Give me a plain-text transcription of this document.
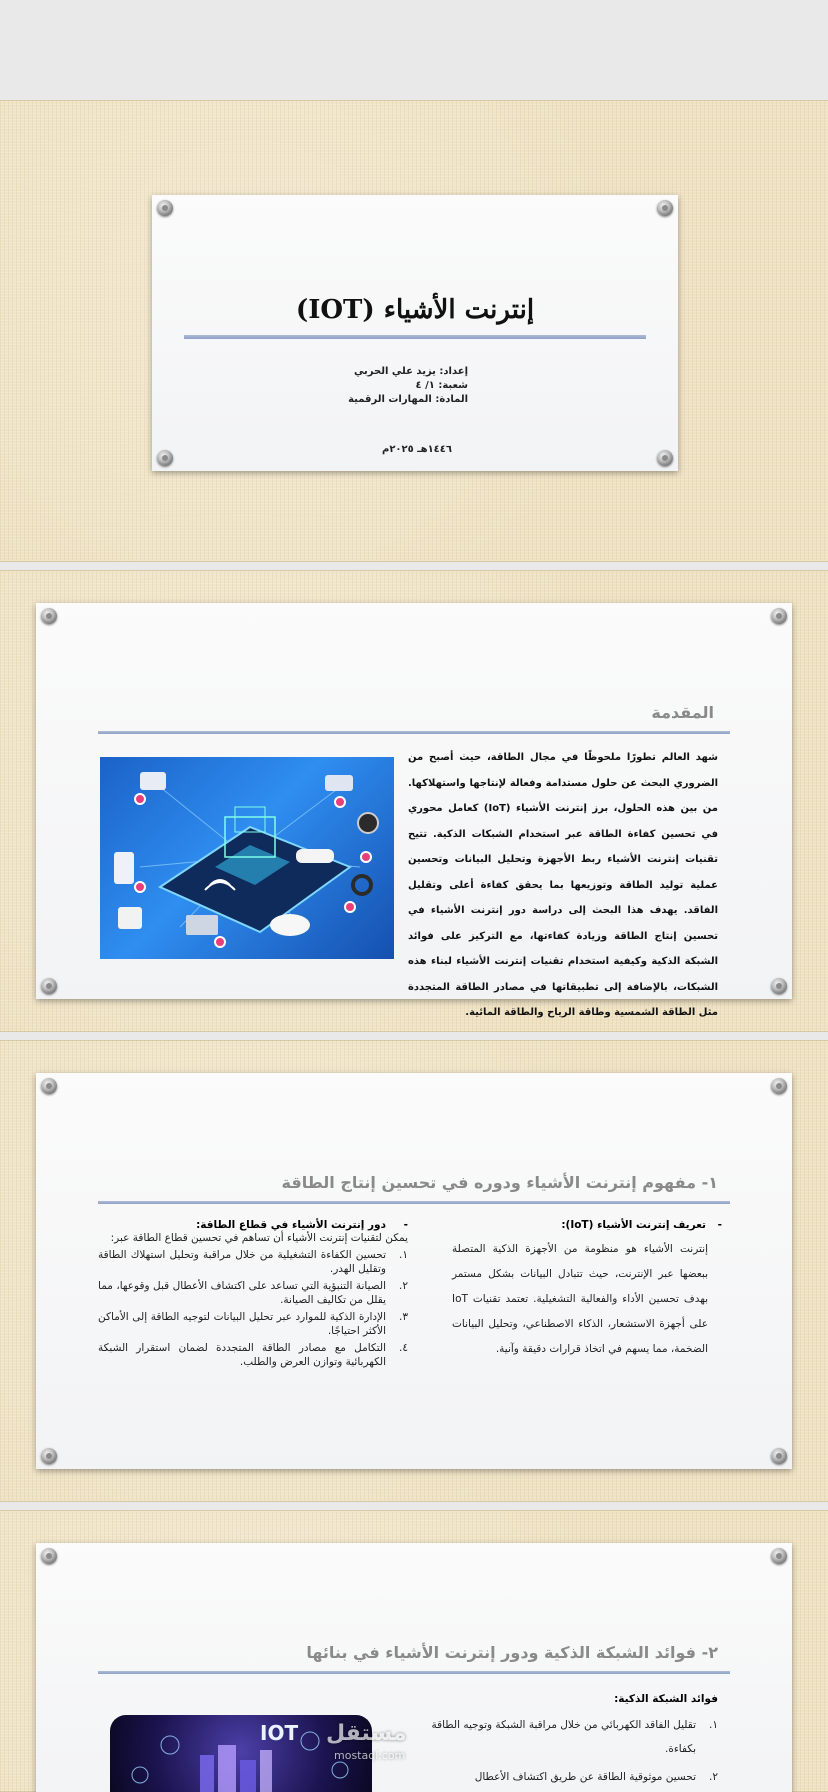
إنترنت الأشياء (IOT)
إعداد: يزيد علي الحربي
شعبة: ١/ ٤
المادة: المهارات الرقمية
١٤٤٦هـ ٢٠٢٥م
المقدمة
شهد العالم تطورًا ملحوظًا في مجال الطاقة، حيث أصبح من الضروري البحث عن حلول مستدامة وفعالة لإنتاجها واستهلاكها. من بين هذه الحلول، برز إنترنت الأشياء (IoT) كعامل محوري في تحسين كفاءة الطاقة عبر استخدام الشبكات الذكية. تتيح تقنيات إنترنت الأشياء ربط الأجهزة وتحليل البيانات وتحسين عملية توليد الطاقة وتوزيعها بما يحقق كفاءة أعلى وتقليل الفاقد. يهدف هذا البحث إلى دراسة دور إنترنت الأشياء في تحسين إنتاج الطاقة وزيادة كفاءتها، مع التركيز على فوائد الشبكة الذكية وكيفية استخدام تقنيات إنترنت الأشياء لبناء هذه الشبكات، بالإضافة إلى تطبيقاتها في مصادر الطاقة المتجددة مثل الطاقة الشمسية وطاقة الرياح والطاقة المائية.
١- مفهوم إنترنت الأشياء ودوره في تحسين إنتاج الطاقة
- تعريف إنترنت الأشياء (IoT):
إنترنت الأشياء هو منظومة من الأجهزة الذكية المتصلة ببعضها عبر الإنترنت، حيث تتبادل البيانات بشكل مستمر بهدف تحسين الأداء والفعالية التشغيلية. تعتمد تقنيات IoT على أجهزة الاستشعار، الذكاء الاصطناعي، وتحليل البيانات الضخمة، مما يسهم في اتخاذ قرارات دقيقة وآنية.
- دور إنترنت الأشياء في قطاع الطاقة:
يمكن لتقنيات إنترنت الأشياء أن تساهم في تحسين قطاع الطاقة عبر:
١.
تحسين الكفاءة التشغيلية من خلال مراقبة وتحليل استهلاك الطاقة وتقليل الهدر.
٢.
الصيانة التنبؤية التي تساعد على اكتشاف الأعطال قبل وقوعها، مما يقلل من تكاليف الصيانة.
٣.
الإدارة الذكية للموارد عبر تحليل البيانات لتوجيه الطاقة إلى الأماكن الأكثر احتياجًا.
٤.
التكامل مع مصادر الطاقة المتجددة لضمان استقرار الشبكة الكهربائية وتوازن العرض والطلب.
٢- فوائد الشبكة الذكية ودور إنترنت الأشياء في بنائها
فوائد الشبكة الذكية:
١.
تقليل الفاقد الكهربائي من خلال مراقبة الشبكة وتوجيه الطاقة بكفاءة.
٢.
تحسين موثوقية الطاقة عن طريق اكتشاف الأعطال
IOT مستقل
mostaql.com
